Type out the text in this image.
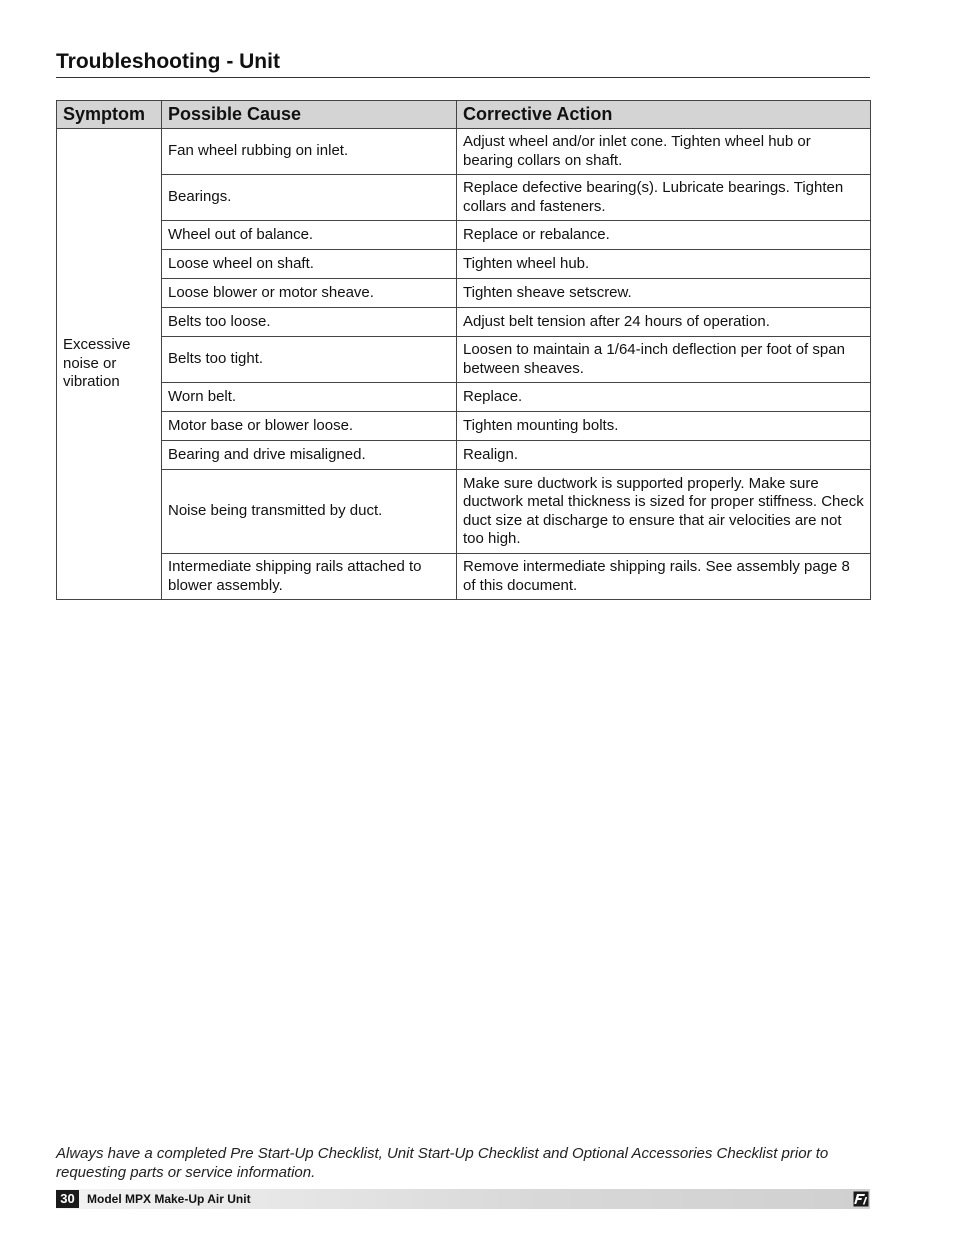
Troubleshooting - Unit
Symptom	Possible Cause	Corrective Action
Excessive noise or vibration	Fan wheel rubbing on inlet.	Adjust wheel and/or inlet cone. Tighten wheel hub or bearing collars on shaft.
	Bearings.	Replace defective bearing(s). Lubricate bearings. Tighten collars and fasteners.
	Wheel out of balance.	Replace or rebalance.
	Loose wheel on shaft.	Tighten wheel hub.
	Loose blower or motor sheave.	Tighten sheave setscrew.
	Belts too loose.	Adjust belt tension after 24 hours of operation.
	Belts too tight.	Loosen to maintain a 1/64-inch deflection per foot of span between sheaves.
	Worn belt.	Replace.
	Motor base or blower loose.	Tighten mounting bolts.
	Bearing and drive misaligned.	Realign.
	Noise being transmitted by duct.	Make sure ductwork is supported properly. Make sure ductwork metal thickness is sized for proper stiffness. Check duct size at discharge to ensure that air velocities are not too high.
	Intermediate shipping rails attached to blower assembly.	Remove intermediate shipping rails. See assembly page 8 of this document.
Always have a completed Pre Start-Up Checklist, Unit Start-Up Checklist and Optional Accessories Checklist prior to requesting parts or service information.
30	Model MPX Make-Up Air Unit
